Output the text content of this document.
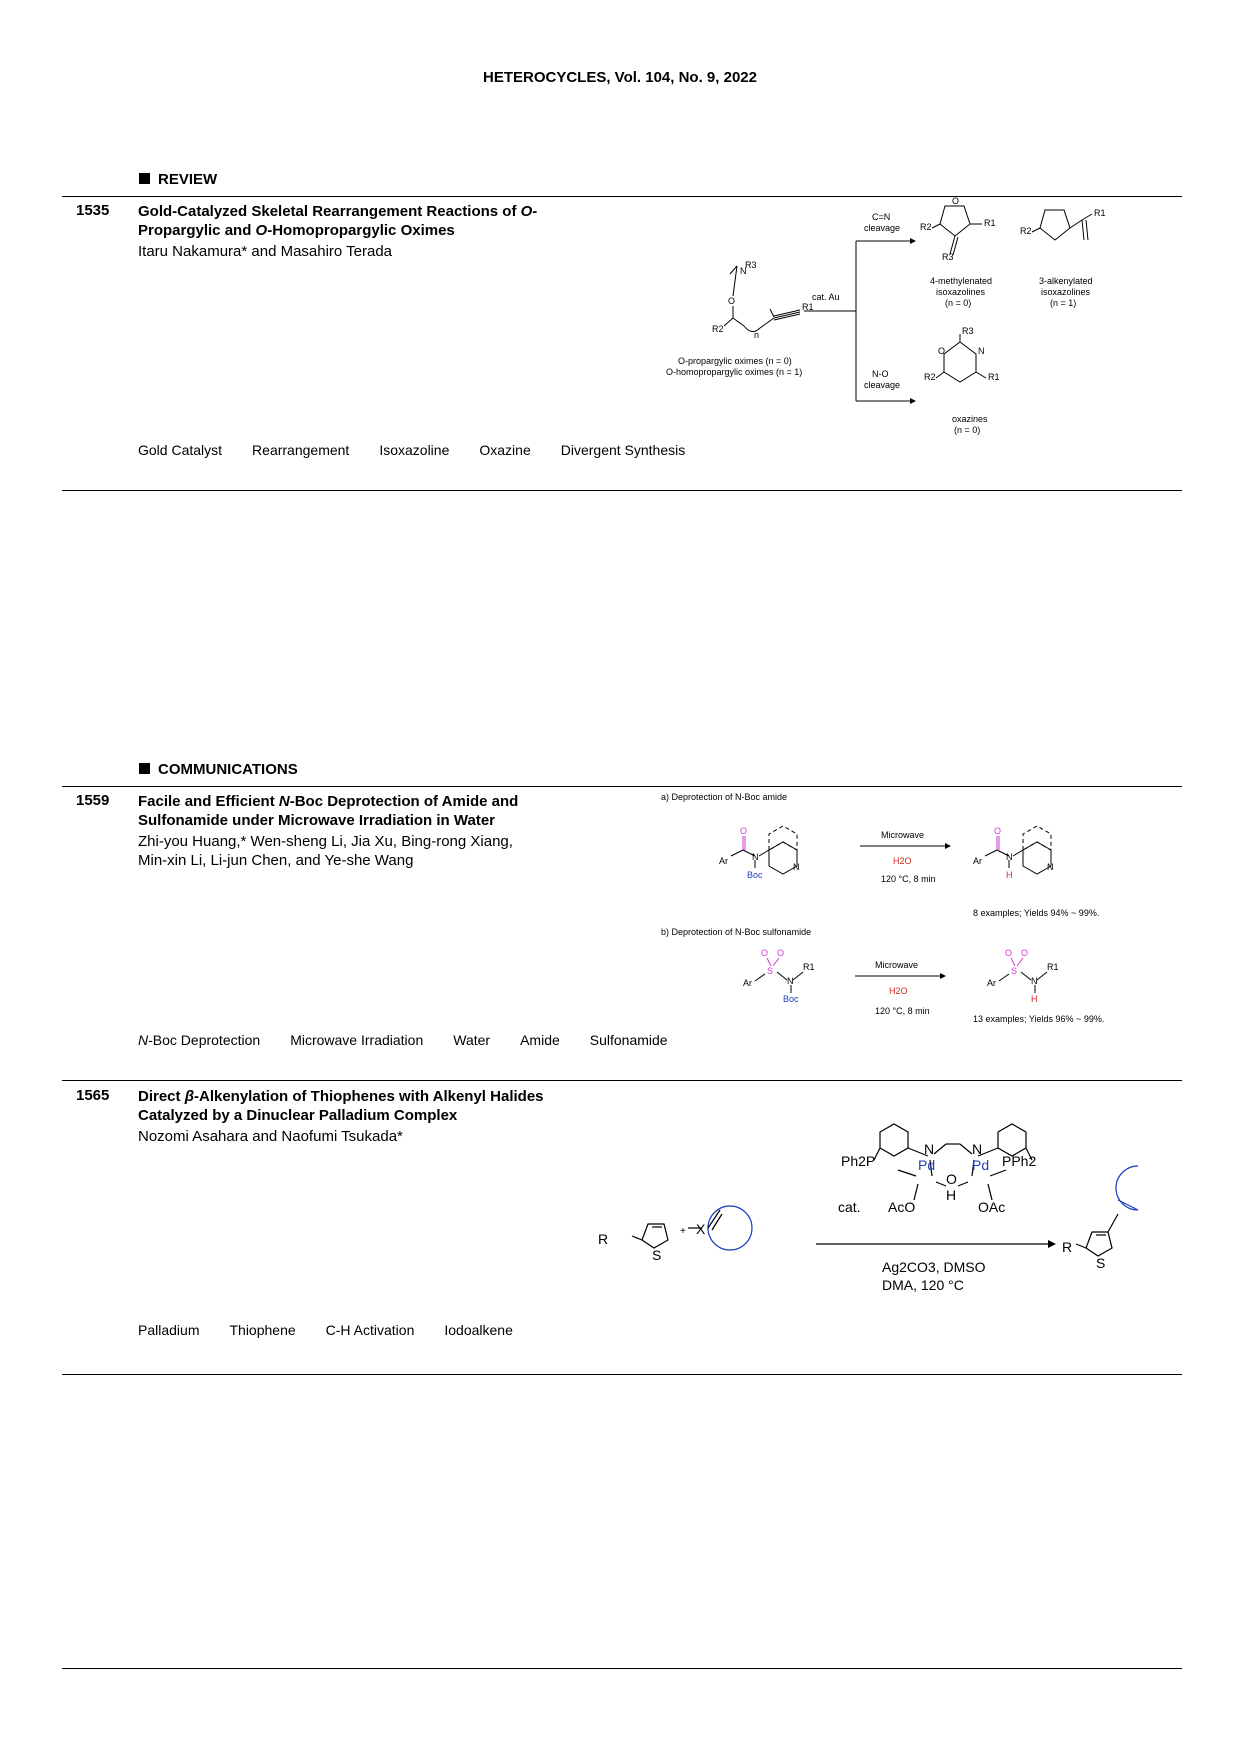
HETEROCYCLES, Vol. 104, No. 9, 2022
REVIEW
1535 Gold-Catalyzed Skeletal Rearrangement Reactions of O-
Propargylic and O-Homopropargylic Oximes
Itaru Nakamura* and Masahiro Terada
N
R3
O
R2
R1
n
O
R1
R2
R3
R1
R2
R3
N
O
R1
R2
O-propargylic oximes (n = 0)
O-homopropargylic oximes (n = 1)
cat. Au
C=N
cleavage
N-O
cleavage
4-methylenated
isoxazolines
(n = 0)
3-alkenylated
isoxazolines
(n = 1)
oxazines
(n = 0)
Gold Catalyst Rearrangement Isoxazoline Oxazine Divergent Synthesis
COMMUNICATIONS
1559 Facile and Efficient N-Boc Deprotection of Amide and
Sulfonamide under Microwave Irradiation in Water
Zhi-you Huang,* Wen-sheng Li, Jia Xu, Bing-rong Xiang,
Min-xin Li, Li-jun Chen, and Ye-she Wang
a) Deprotection of N-Boc amide
b) Deprotection of N-Boc sulfonamide
Ar
O
N
Boc
N
Ar
O
N
H
N
Microwave
H2O
120 °C, 8 min
8 examples; Yields 94% ~ 99%.
Ar
O O
S
N
R1
Boc
Ar
O O
S
N
R1
H
Microwave
H2O
120 °C, 8 min
13 examples; Yields 96% ~ 99%.
N-Boc Deprotection Microwave Irradiation Water Amide Sulfonamide
1565 Direct β-Alkenylation of Thiophenes with Alkenyl Halides
Catalyzed by a Dinuclear Palladium Complex
Nozomi Asahara and Naofumi Tsukada*
R
S
+ X
Ph2P	Pd	Pd PPh2
N	N
O
H
AcO	OAc
cat.
Ag2CO3, DMSO
DMA, 120 °C
R
S
Palladium Thiophene C-H Activation Iodoalkene
